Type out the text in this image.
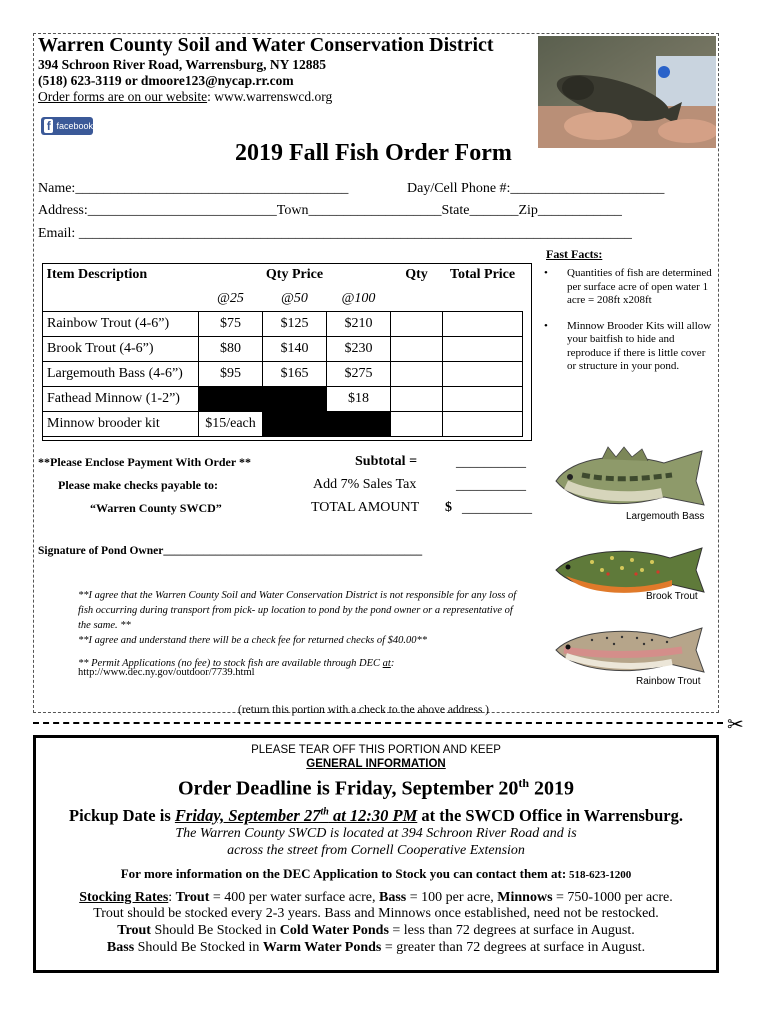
Warren County Soil and Water Conservation District
394 Schroon River Road, Warrensburg, NY 12885
(518) 623-3119 or dmoore123@nycap.rr.com
Order forms are on our website: www.warrenswcd.org
f facebook
2019 Fall Fish Order Form
Name:_______________________________________	Day/Cell Phone #:______________________
Address:___________________________Town___________________State_______Zip____________
Email: _______________________________________________________________________________
Fast Facts:
• Quantities of fish are determined per surface acre of open water 1 acre = 208ft x208ft
• Minnow Brooder Kits will allow your baitfish to hide and reproduce if there is little cover or structure in your pond.
Item Description	Qty Price			Qty	Total Price
	@25	@50	@100		
Rainbow Trout (4-6”)	$75	$125	$210		
Brook Trout (4-6”)	$80	$140	$230		
Largemouth Bass (4-6”)	$95	$165	$275		
Fathead Minnow (1-2”)			$18		
Minnow brooder kit	$15/each				
**Please Enclose Payment With Order **
Please make checks payable to:
“Warren County SWCD”
Subtotal =
Add 7% Sales Tax
TOTAL AMOUNT $
__________
__________
__________
Signature of Pond Owner_____________________________________________
**I agree that the Warren County Soil and Water Conservation District is not responsible for any loss of fish occurring during transport from pick- up location to pond by the pond owner or a representative of the same. **
**I agree and understand there will be a check fee for returned checks of $40.00**
** Permit Applications (no fee) to stock fish are available through DEC at:
http://www.dec.ny.gov/outdoor/7739.html
(return this portion with a check to the above address )
Largemouth Bass
Brook Trout
Rainbow Trout
✂
PLEASE TEAR OFF THIS PORTION AND KEEP
GENERAL INFORMATION
Order Deadline is Friday, September 20th 2019
Pickup Date is Friday, September 27th at 12:30 PM at the SWCD Office in Warrensburg.
The Warren County SWCD is located at 394 Schroon River Road and is
across the street from Cornell Cooperative Extension
For more information on the DEC Application to Stock you can contact them at: 518-623-1200
Stocking Rates: Trout = 400 per water surface acre, Bass = 100 per acre, Minnows = 750-1000 per acre.
Trout should be stocked every 2-3 years. Bass and Minnows once established, need not be restocked.
Trout Should Be Stocked in Cold Water Ponds = less than 72 degrees at surface in August.
Bass Should Be Stocked in Warm Water Ponds = greater than 72 degrees at surface in August.
